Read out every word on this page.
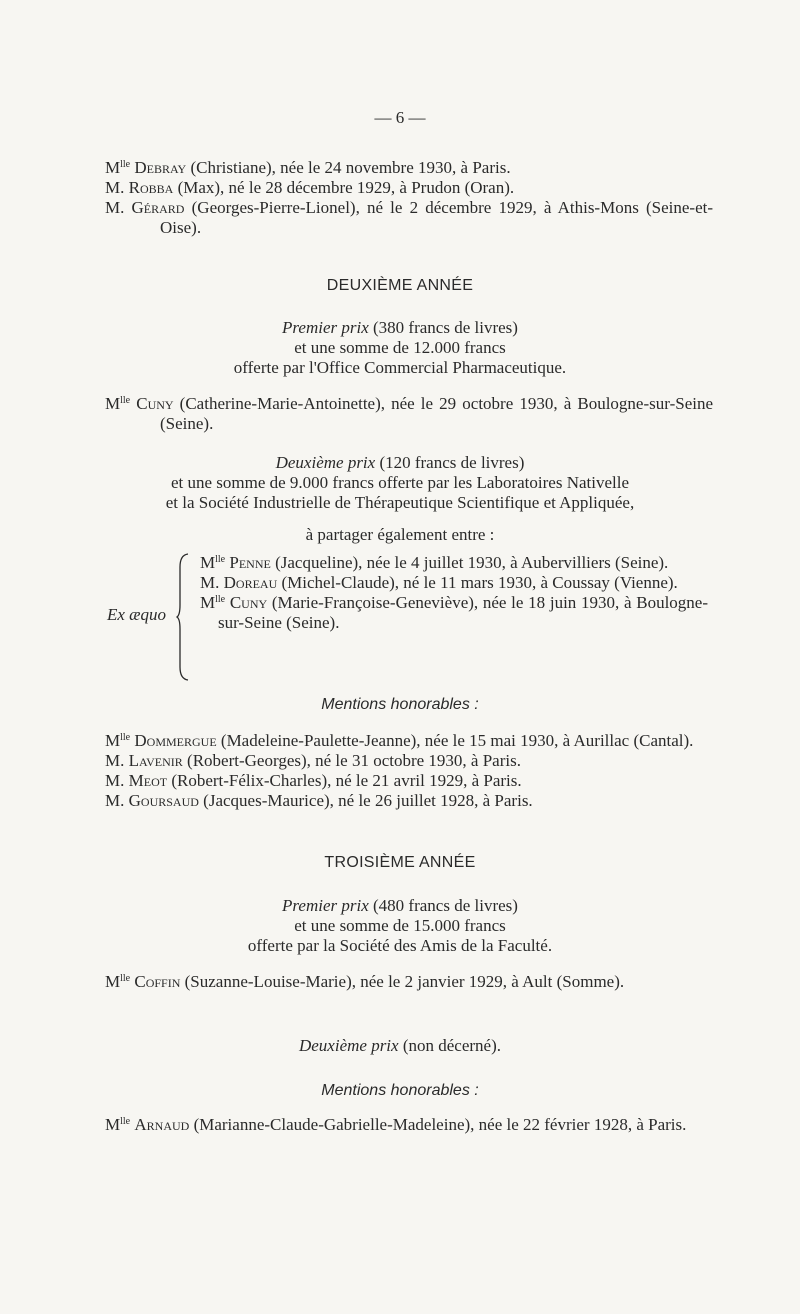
— 6 —
$M^{lle}$ Debray (Christiane), née le 24 novembre 1930, à Paris.
M. Robba (Max), né le 28 décembre 1929, à Prudon (Oran).
M. Gérard (Georges-Pierre-Lionel), né le 2 décembre 1929, à Athis-Mons (Seine-et-Oise).
DEUXIÈME ANNÉE
Premier prix (380 francs de livres)
et une somme de 12.000 francs
offerte par l'Office Commercial Pharmaceutique.
$M^{lle}$ Cuny (Catherine-Marie-Antoinette), née le 29 octobre 1930, à Boulogne-sur-Seine (Seine).
Deuxième prix (120 francs de livres)
et une somme de 9.000 francs offerte par les Laboratoires Nativelle
et la Société Industrielle de Thérapeutique Scientifique et Appliquée,
à partager également entre :
Ex æquo
$M^{lle}$ Penne (Jacqueline), née le 4 juillet 1930, à Aubervilliers (Seine).
M. Doreau (Michel-Claude), né le 11 mars 1930, à Coussay (Vienne).
$M^{lle}$ Cuny (Marie-Françoise-Geneviève), née le 18 juin 1930, à Boulogne-sur-Seine (Seine).
Mentions honorables :
$M^{lle}$ Dommergue (Madeleine-Paulette-Jeanne), née le 15 mai 1930, à Aurillac (Cantal).
M. Lavenir (Robert-Georges), né le 31 octobre 1930, à Paris.
M. Meot (Robert-Félix-Charles), né le 21 avril 1929, à Paris.
M. Goursaud (Jacques-Maurice), né le 26 juillet 1928, à Paris.
TROISIÈME ANNÉE
Premier prix (480 francs de livres)
et une somme de 15.000 francs
offerte par la Société des Amis de la Faculté.
$M^{lle}$ Coffin (Suzanne-Louise-Marie), née le 2 janvier 1929, à Ault (Somme).
Deuxième prix (non décerné).
Mentions honorables :
$M^{lle}$ Arnaud (Marianne-Claude-Gabrielle-Madeleine), née le 22 février 1928, à Paris.
